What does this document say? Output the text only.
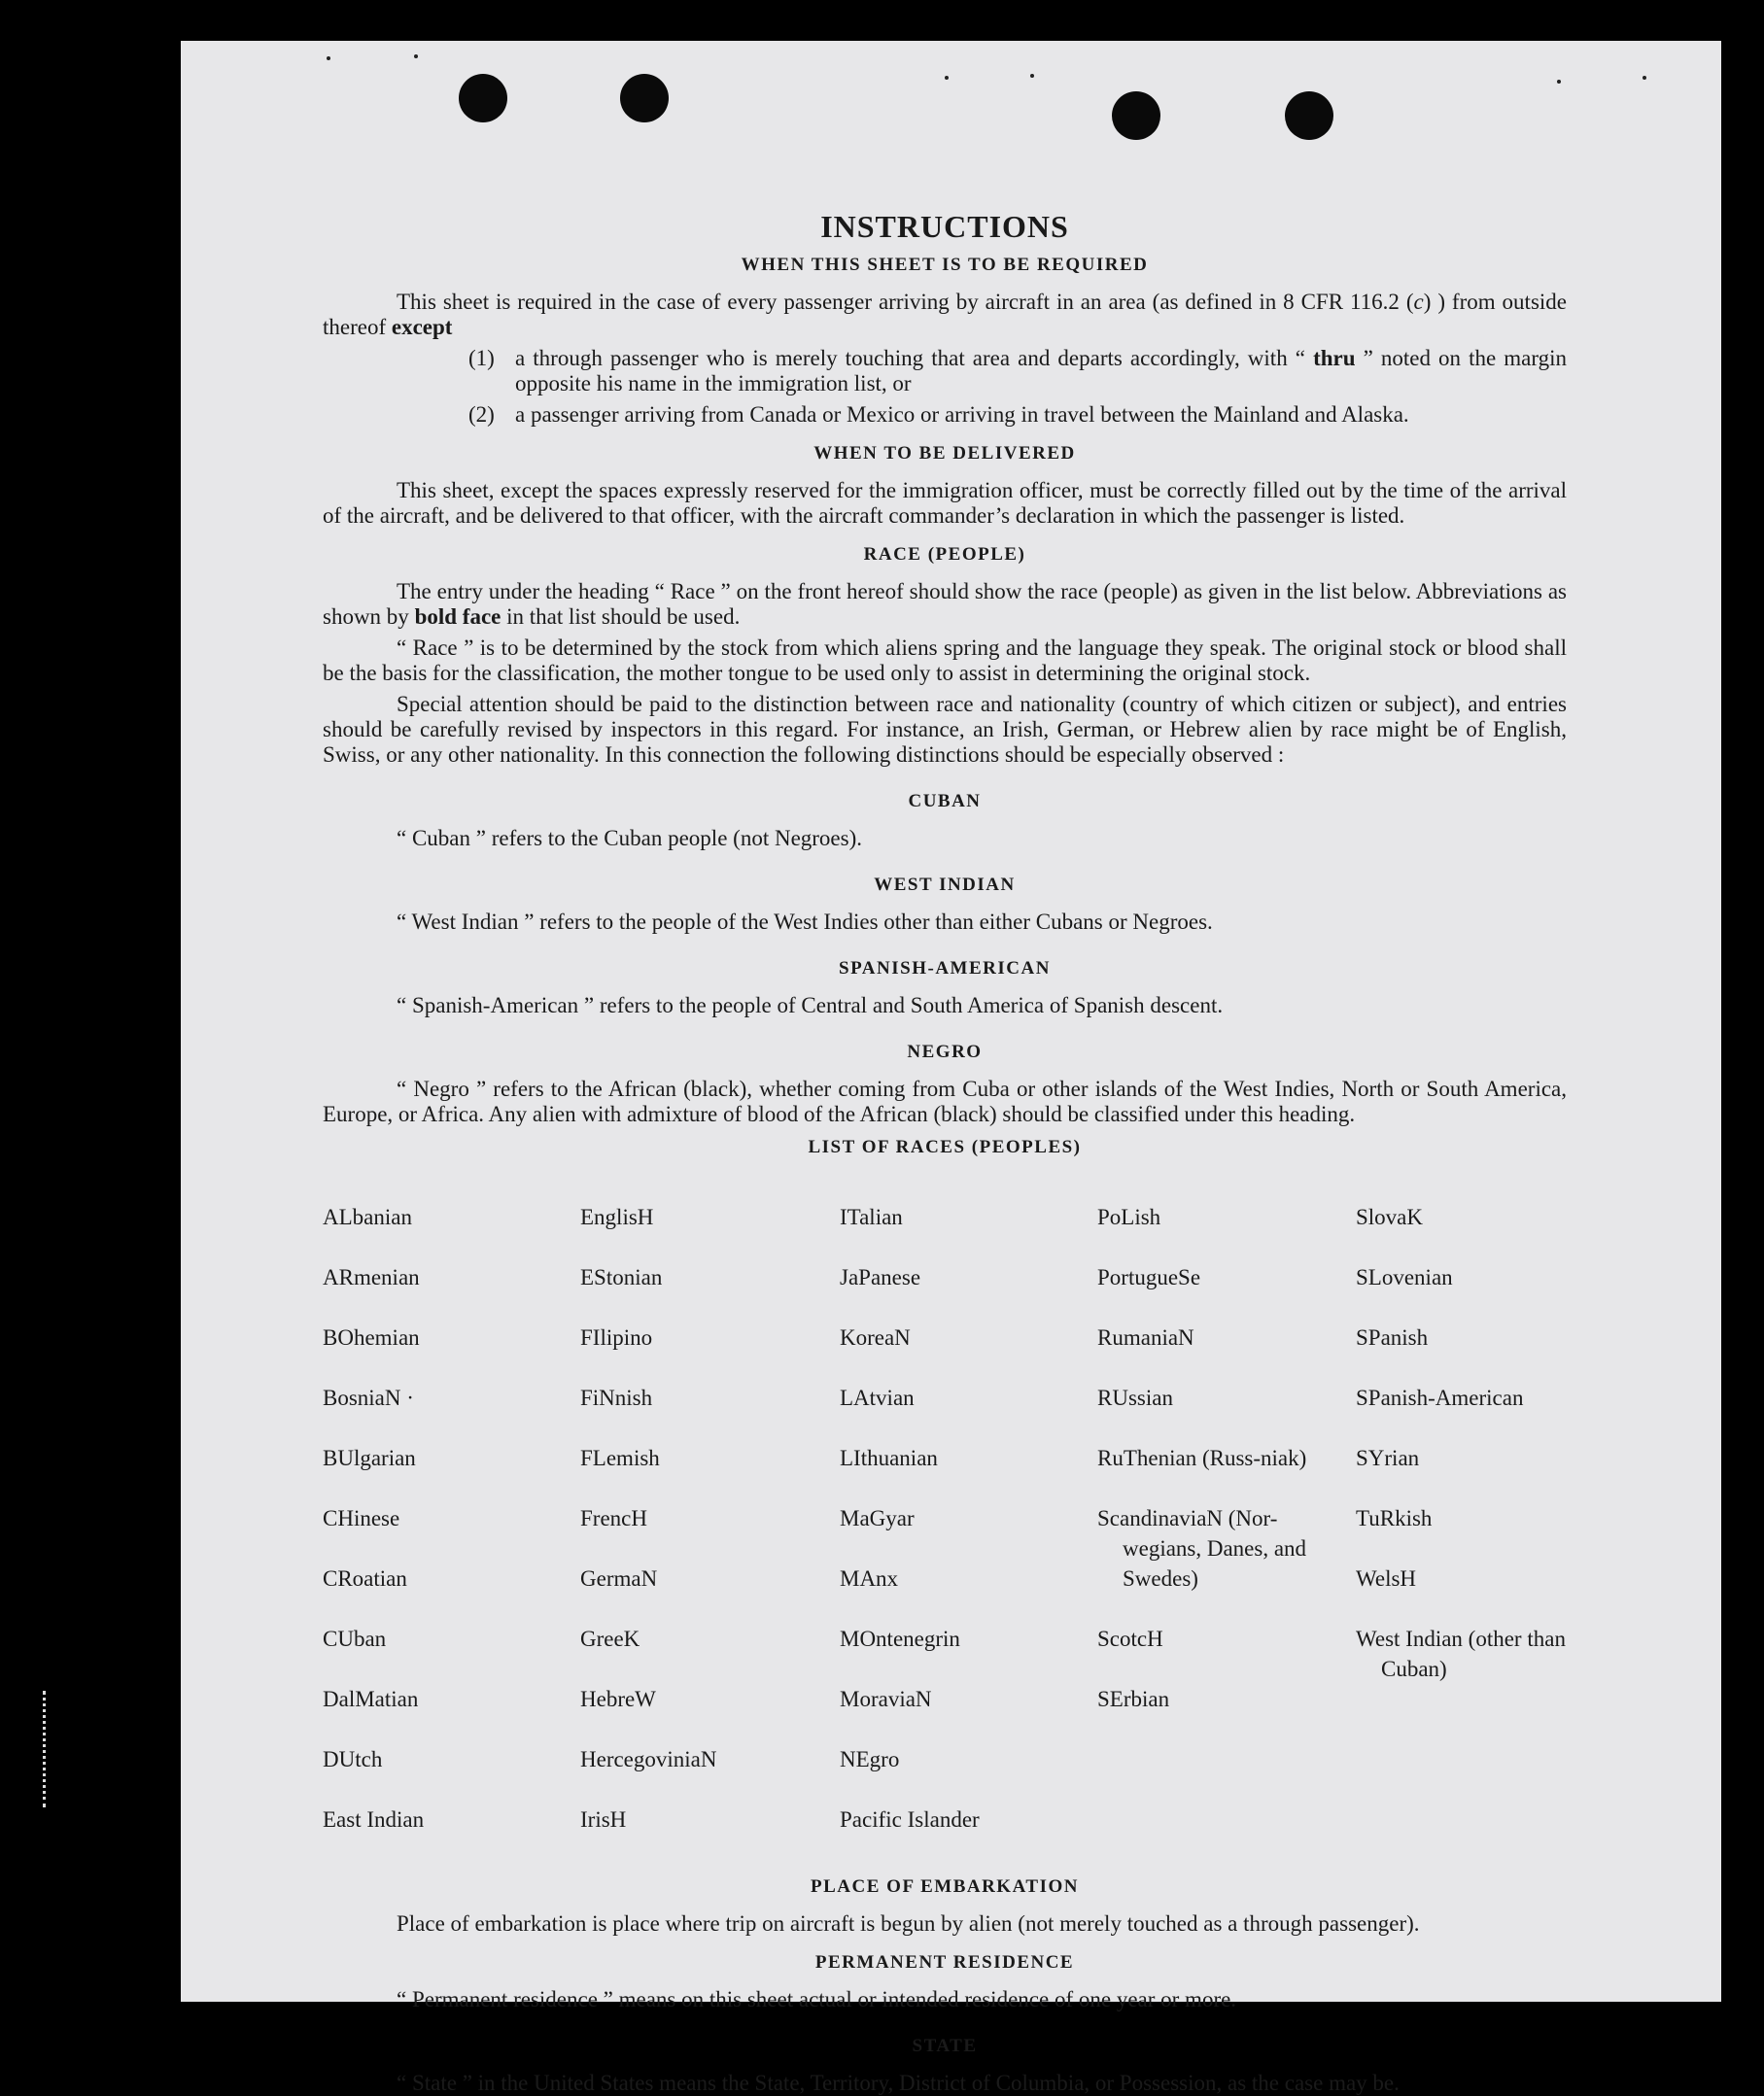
INSTRUCTIONS
WHEN THIS SHEET IS TO BE REQUIRED

This sheet is required in the case of every passenger arriving by aircraft in an area (as defined in 8 CFR 116.2 (c) ) from outside thereof except

(1) a through passenger who is merely touching that area and departs accordingly, with “ thru ” noted on the margin opposite his name in the immigration list, or
(2) a passenger arriving from Canada or Mexico or arriving in travel between the Mainland and Alaska.
WHEN TO BE DELIVERED

This sheet, except the spaces expressly reserved for the immigration officer, must be correctly filled out by the time of the arrival of the aircraft, and be delivered to that officer, with the aircraft commander’s declaration in which the passenger is listed.

RACE (PEOPLE)

The entry under the heading “ Race ” on the front hereof should show the race (people) as given in the list below. Abbreviations as shown by bold face in that list should be used.

“ Race ” is to be determined by the stock from which aliens spring and the language they speak. The original stock or blood shall be the basis for the classification, the mother tongue to be used only to assist in determining the original stock.

Special attention should be paid to the distinction between race and nationality (country of which citizen or subject), and entries should be carefully revised by inspectors in this regard. For instance, an Irish, German, or Hebrew alien by race might be of English, Swiss, or any other nationality. In this connection the following distinctions should be especially observed :

CUBAN

“ Cuban ” refers to the Cuban people (not Negroes).

WEST INDIAN

“ West Indian ” refers to the people of the West Indies other than either Cubans or Negroes.

SPANISH-AMERICAN

“ Spanish-American ” refers to the people of Central and South America of Spanish descent.

NEGRO

“ Negro ” refers to the African (black), whether coming from Cuba or other islands of the West Indies, North or South America, Europe, or Africa. Any alien with admixture of blood of the African (black) should be classified under this heading.

LIST OF RACES (PEOPLES)

ALbanian

ARmenian

BOhemian

BosniaN ·

BUlgarian

CHinese

CRoatian

CUban

DalMatian

DUtch

East Indian

EnglisH

EStonian

FIlipino

FiNnish

FLemish

FrencH

GermaN

GreeK

HebreW

HercegoviniaN

IrisH

ITalian

JaPanese

KoreaN

LAtvian

LIthuanian

MaGyar

MAnx

MOntenegrin

MoraviaN

NEgro

Pacific Islander

PoLish

PortugueSe

RumaniaN

RUssian

RuThenian (Russ-niak)

ScandinaviaN (Nor-wegians, Danes, and Swedes)

ScotcH

SErbian

SlovaK

SLovenian

SPanish

SPanish-American

SYrian

TuRkish

WelsH

West Indian (other than Cuban)

PLACE OF EMBARKATION

Place of embarkation is place where trip on aircraft is begun by alien (not merely touched as a through passenger).

PERMANENT RESIDENCE

“ Permanent residence ” means on this sheet actual or intended residence of one year or more.

STATE

“ State ” in the United States means the State, Territory, District of Columbia, or Possession, as the case may be.
